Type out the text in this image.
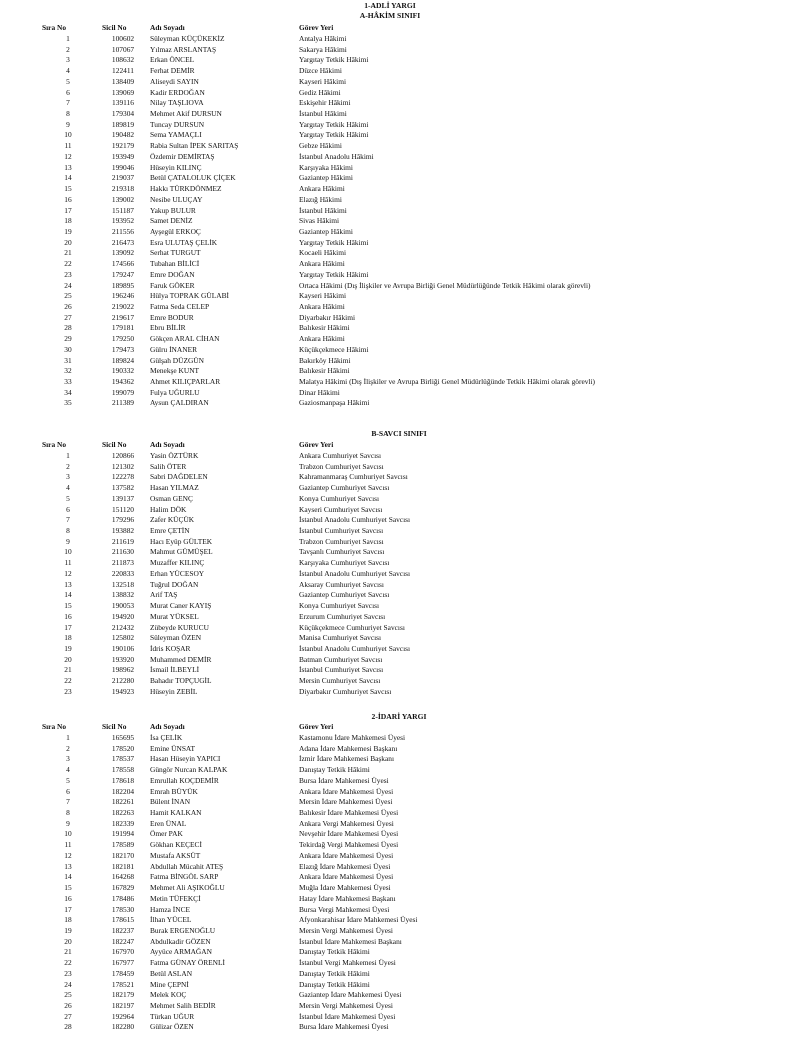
1-ADLİ YARGI
A-HÂKİM SINIFI
Sıra No	Sicil No	Adı Soyadı	Görev Yeri
1	100602	Süleyman KÜÇÜKEKİZ	Antalya Hâkimi
2	107067	Yılmaz ARSLANTAŞ	Sakarya Hâkimi
3	108632	Erkan ÖNCEL	Yargıtay Tetkik Hâkimi
4	122411	Ferhat DEMİR	Düzce Hâkimi
5	138409	Aliseydi SAYIN	Kayseri Hâkimi
6	139069	Kadir ERDOĞAN	Gediz Hâkimi
7	139116	Nilay TAŞLIOVA	Eskişehir Hâkimi
8	179304	Mehmet Akif DURSUN	İstanbul Hâkimi
9	189819	Tuncay DURSUN	Yargıtay Tetkik Hâkimi
10	190482	Sema YAMAÇLI	Yargıtay Tetkik Hâkimi
11	192179	Rabia Sultan İPEK SARITAŞ	Gebze Hâkimi
12	193949	Özdemir DEMİRTAŞ	İstanbul Anadolu Hâkimi
13	199046	Hüseyin KILINÇ	Karşıyaka Hâkimi
14	219037	Betül ÇATALOLUK ÇİÇEK	Gaziantep Hâkimi
15	219318	Hakkı TÜRKDÖNMEZ	Ankara Hâkimi
16	139002	Nesibe ULUÇAY	Elazığ Hâkimi
17	151187	Yakup BULUR	İstanbul Hâkimi
18	193952	Samet DENİZ	Sivas Hâkimi
19	211556	Ayşegül ERKOÇ	Gaziantep Hâkimi
20	216473	Esra ULUTAŞ ÇELİK	Yargıtay Tetkik Hâkimi
21	139092	Serhat TURGUT	Kocaeli Hâkimi
22	174566	Tubahan BİLİCİ	Ankara Hâkimi
23	179247	Emre DOĞAN	Yargıtay Tetkik Hâkimi
24	189895	Faruk GÖKER	Ortaca Hâkimi (Dış İlişkiler ve Avrupa Birliği Genel Müdürlüğünde Tetkik Hâkimi olarak görevli)
25	196246	Hülya TOPRAK GÜLABİ	Kayseri Hâkimi
26	219022	Fatma Seda CELEP	Ankara Hâkimi
27	219617	Emre BODUR	Diyarbakır Hâkimi
28	179181	Ebru BİLİR	Balıkesir Hâkimi
29	179250	Gökçen ARAL CİHAN	Ankara Hâkimi
30	179473	Gülru İNANER	Küçükçekmece Hâkimi
31	189824	Gülşah DÜZGÜN	Bakırköy Hâkimi
32	190332	Menekşe KUNT	Balıkesir Hâkimi
33	194362	Ahmet KILIÇPARLAR	Malatya Hâkimi (Dış İlişkiler ve Avrupa Birliği Genel Müdürlüğünde Tetkik Hâkimi olarak görevli)
34	199079	Fulya UĞURLU	Dinar Hâkimi
35	211389	Aysun ÇALDIRAN	Gaziosmanpaşa Hâkimi
B-SAVCI SINIFI
Sıra No	Sicil No	Adı Soyadı	Görev Yeri
1	120866	Yasin ÖZTÜRK	Ankara Cumhuriyet Savcısı
2	121302	Salih ÖTER	Trabzon Cumhuriyet Savcısı
3	122278	Sabri DAĞDELEN	Kahramanmaraş Cumhuriyet Savcısı
4	137582	Hasan YILMAZ	Gaziantep Cumhuriyet Savcısı
5	139137	Osman GENÇ	Konya Cumhuriyet Savcısı
6	151120	Halim DÖK	Kayseri Cumhuriyet Savcısı
7	179296	Zafer KÜÇÜK	İstanbul Anadolu Cumhuriyet Savcısı
8	193882	Emre ÇETİN	İstanbul Cumhuriyet Savcısı
9	211619	Hacı Eyüp GÜLTEK	Trabzon Cumhuriyet Savcısı
10	211630	Mahmut GÜMÜŞEL	Tavşanlı Cumhuriyet Savcısı
11	211873	Muzaffer KILINÇ	Karşıyaka Cumhuriyet Savcısı
12	220833	Erhan YÜCESOY	İstanbul Anadolu Cumhuriyet Savcısı
13	132518	Tuğrul DOĞAN	Aksaray Cumhuriyet Savcısı
14	138832	Arif TAŞ	Gaziantep Cumhuriyet Savcısı
15	190053	Murat Caner KAYIŞ	Konya Cumhuriyet Savcısı
16	194920	Murat YÜKSEL	Erzurum Cumhuriyet Savcısı
17	212432	Zübeyde KURUCU	Küçükçekmece Cumhuriyet Savcısı
18	125802	Süleyman ÖZEN	Manisa Cumhuriyet Savcısı
19	190106	İdris KOŞAR	İstanbul Anadolu Cumhuriyet Savcısı
20	193920	Muhammed DEMİR	Batman Cumhuriyet Savcısı
21	198962	İsmail İLBEYLİ	İstanbul Cumhuriyet Savcısı
22	212280	Bahadır TOPÇUGİL	Mersin Cumhuriyet Savcısı
23	194923	Hüseyin ZEBİL	Diyarbakır Cumhuriyet Savcısı
2-İDARİ YARGI
Sıra No	Sicil No	Adı Soyadı	Görev Yeri
1	165695	İsa ÇELİK	Kastamonu İdare Mahkemesi Üyesi
2	178520	Emine ÜNSAT	Adana İdare Mahkemesi Başkanı
3	178537	Hasan Hüseyin YAPICI	İzmir İdare Mahkemesi Başkanı
4	178558	Güngör Nurcan KALPAK	Danıştay Tetkik Hâkimi
5	178618	Emrullah KOÇDEMİR	Bursa İdare Mahkemesi Üyesi
6	182204	Emrah BÜYÜK	Ankara İdare Mahkemesi Üyesi
7	182261	Bülent İNAN	Mersin İdare Mahkemesi Üyesi
8	182263	Hamit KALKAN	Balıkesir İdare Mahkemesi Üyesi
9	182339	Eren ÜNAL	Ankara Vergi Mahkemesi Üyesi
10	191994	Ömer PAK	Nevşehir İdare Mahkemesi Üyesi
11	178589	Gökhan KEÇECİ	Tekirdağ Vergi Mahkemesi Üyesi
12	182170	Mustafa AKSÜT	Ankara İdare Mahkemesi Üyesi
13	182181	Abdullah Mücahit ATEŞ	Elazığ İdare Mahkemesi Üyesi
14	164268	Fatma BİNGÖL SARP	Ankara İdare Mahkemesi Üyesi
15	167829	Mehmet Ali AŞIKOĞLU	Muğla İdare Mahkemesi Üyesi
16	178486	Metin TÜFEKÇİ	Hatay İdare Mahkemesi Başkanı
17	178530	Hamza İNCE	Bursa Vergi Mahkemesi Üyesi
18	178615	İlhan YÜCEL	Afyonkarahisar İdare Mahkemesi Üyesi
19	182237	Burak ERGENOĞLU	Mersin Vergi Mahkemesi Üyesi
20	182247	Abdulkadir GÖZEN	İstanbul İdare Mahkemesi Başkanı
21	167970	Ayyüce ARMAĞAN	Danıştay Tetkik Hâkimi
22	167977	Fatma GÜNAY ÖRENLİ	İstanbul Vergi Mahkemesi Üyesi
23	178459	Betül ASLAN	Danıştay Tetkik Hâkimi
24	178521	Mine ÇEPNİ	Danıştay Tetkik Hâkimi
25	182179	Melek KOÇ	Gaziantep İdare Mahkemesi Üyesi
26	182197	Mehmet Salih BEDİR	Mersin Vergi Mahkemesi Üyesi
27	192964	Türkan UĞUR	İstanbul İdare Mahkemesi Üyesi
28	182280	Gülizar ÖZEN	Bursa İdare Mahkemesi Üyesi
